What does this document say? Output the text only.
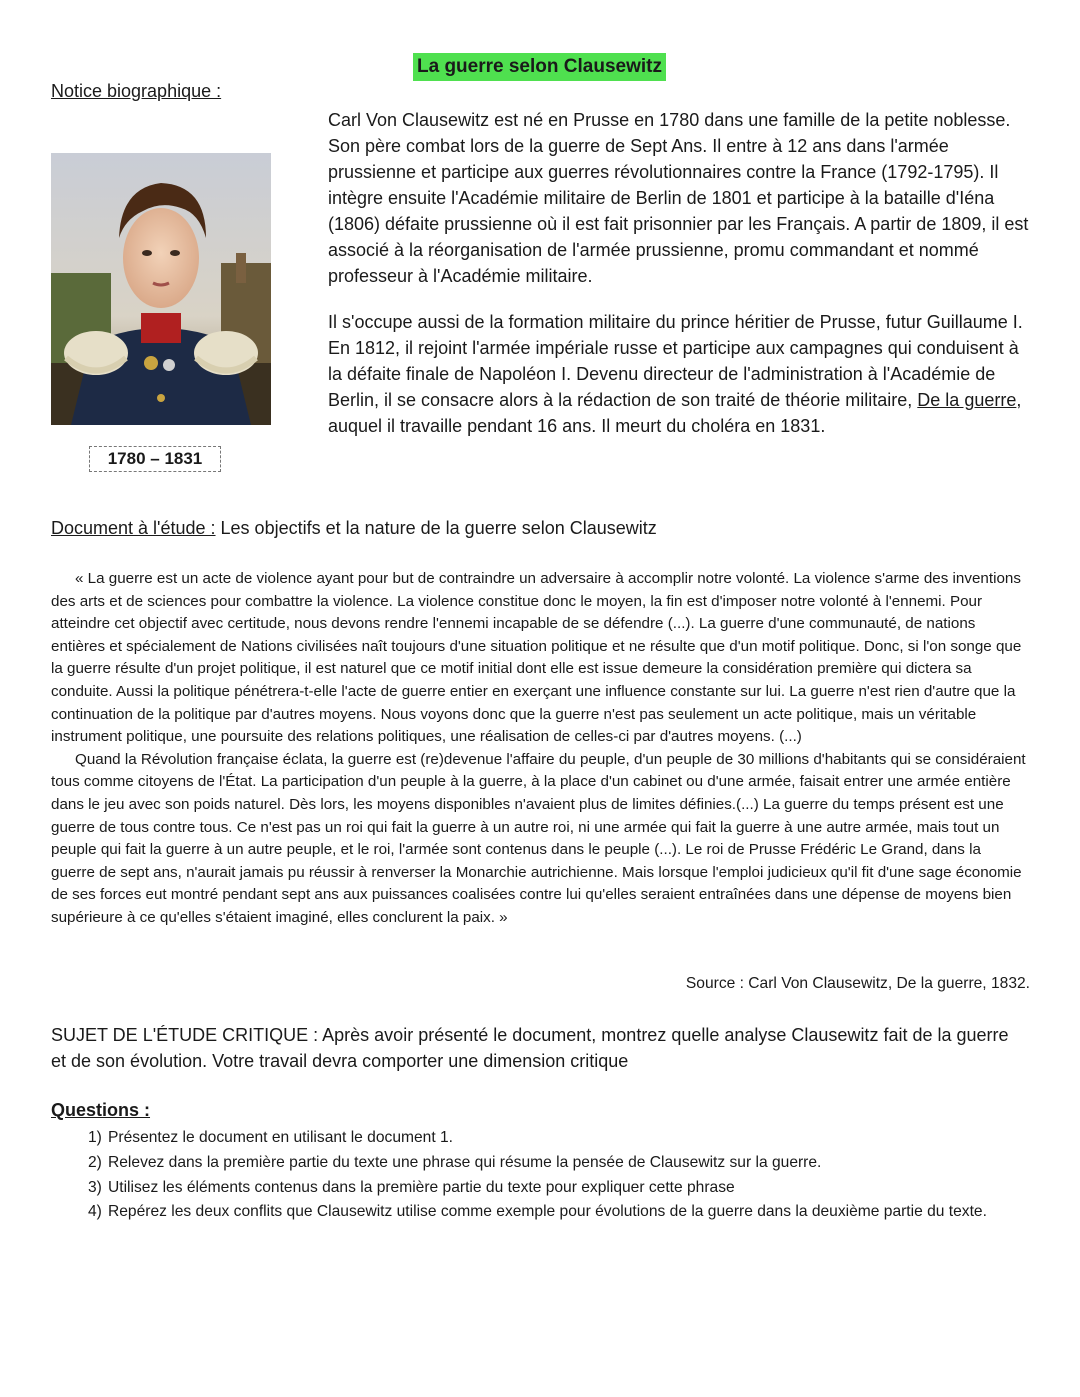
La guerre selon Clausewitz
Notice biographique :
1780 – 1831

Carl Von Clausewitz est né en Prusse en 1780 dans une famille de la petite noblesse. Son père combat lors de la guerre de Sept Ans. Il entre à 12 ans dans l'armée prussienne et participe aux guerres révolutionnaires contre la France (1792-1795). Il intègre ensuite l'Académie militaire de Berlin de 1801 et participe à la bataille d'Iéna (1806) défaite prussienne où il est fait prisonnier par les Français. A partir de 1809, il est associé à la réorganisation de l'armée prussienne, promu commandant et nommé professeur à l'Académie militaire.

Il s'occupe aussi de la formation militaire du prince héritier de Prusse, futur Guillaume I. En 1812, il rejoint l'armée impériale russe et participe aux campagnes qui conduisent à la défaite finale de Napoléon I. Devenu directeur de l'administration à l'Académie de Berlin, il se consacre alors à la rédaction de son traité de théorie militaire, De la guerre, auquel il travaille pendant 16 ans. Il meurt du choléra en 1831.

Document à l'étude : Les objectifs et la nature de la guerre selon Clausewitz

« La guerre est un acte de violence ayant pour but de contraindre un adversaire à accomplir notre volonté. La violence s'arme des inventions des arts et de sciences pour combattre la violence. La violence constitue donc le moyen, la fin est d'imposer notre volonté à l'ennemi. Pour atteindre cet objectif avec certitude, nous devons rendre l'ennemi incapable de se défendre (...). La guerre d'une communauté, de nations entières et spécialement de Nations civilisées naît toujours d'une situation politique et ne résulte que d'un motif politique. Donc, si l'on songe que la guerre résulte d'un projet politique, il est naturel que ce motif initial dont elle est issue demeure la considération première qui dictera sa conduite. Aussi la politique pénétrera-t-elle l'acte de guerre entier en exerçant une influence constante sur lui. La guerre n'est rien d'autre que la continuation de la politique par d'autres moyens. Nous voyons donc que la guerre n'est pas seulement un acte politique, mais un véritable instrument politique, une poursuite des relations politiques, une réalisation de celles-ci par d'autres moyens. (...)

Quand la Révolution française éclata, la guerre est (re)devenue l'affaire du peuple, d'un peuple de 30 millions d'habitants qui se considéraient tous comme citoyens de l'État. La participation d'un peuple à la guerre, à la place d'un cabinet ou d'une armée, faisait entrer une armée entière dans le jeu avec son poids naturel. Dès lors, les moyens disponibles n'avaient plus de limites définies.(...) La guerre du temps présent est une guerre de tous contre tous. Ce n'est pas un roi qui fait la guerre à un autre roi, ni une armée qui fait la guerre à une autre armée, mais tout un peuple qui fait la guerre à un autre peuple, et le roi, l'armée sont contenus dans le peuple (...). Le roi de Prusse Frédéric Le Grand, dans la guerre de sept ans, n'aurait jamais pu réussir à renverser la Monarchie autrichienne. Mais lorsque l'emploi judicieux qu'il fit d'une sage économie de ses forces eut montré pendant sept ans aux puissances coalisées contre lui qu'elles seraient entraînées dans une dépense de moyens bien supérieure à ce qu'elles s'étaient imaginé, elles conclurent la paix. »

Source : Carl Von Clausewitz, De la guerre, 1832.
SUJET DE L'ÉTUDE CRITIQUE : Après avoir présenté le document, montrez quelle analyse Clausewitz fait de la guerre et de son évolution. Votre travail devra comporter une dimension critique
Questions :
1) Présentez le document en utilisant le document 1.
2) Relevez dans la première partie du texte une phrase qui résume la pensée de Clausewitz sur la guerre.
3) Utilisez les éléments contenus dans la première partie du texte pour expliquer cette phrase
4) Repérez les deux conflits que Clausewitz utilise comme exemple pour évolutions de la guerre dans la deuxième partie du texte.
